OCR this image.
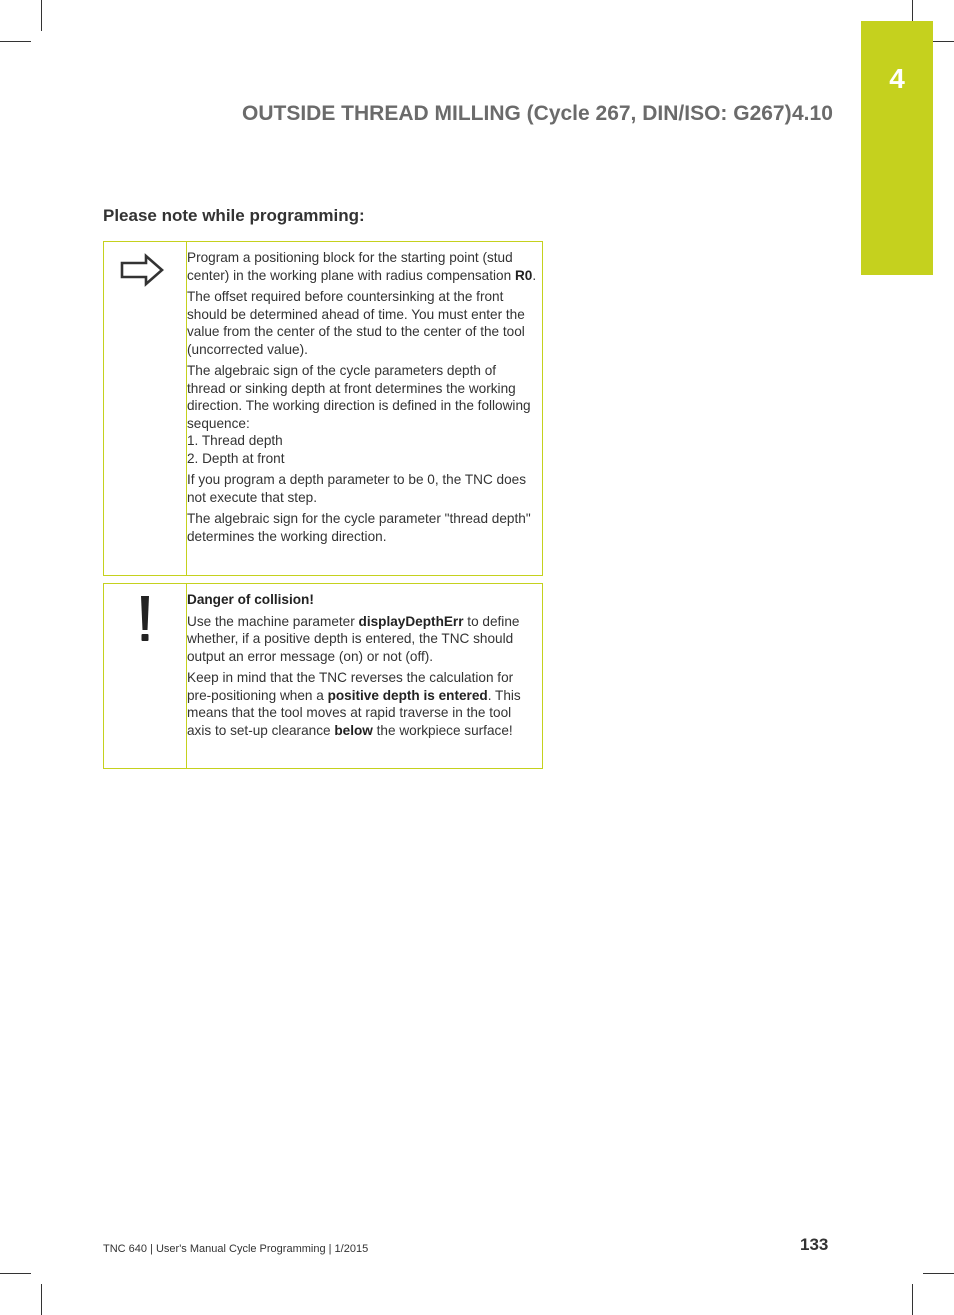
4
OUTSIDE THREAD MILLING (Cycle 267, DIN/ISO: G267) 4.10
Please note while programming:

Program a positioning block for the starting point (stud center) in the working plane with radius compensation R0.

The offset required before countersinking at the front should be determined ahead of time. You must enter the value from the center of the stud to the center of the tool (uncorrected value).

The algebraic sign of the cycle parameters depth of thread or sinking depth at front determines the working direction. The working direction is defined in the following sequence:
1. Thread depth
2. Depth at front

If you program a depth parameter to be 0, the TNC does not execute that step.

The algebraic sign for the cycle parameter "thread depth" determines the working direction.

Danger of collision!

Use the machine parameter displayDepthErr to define whether, if a positive depth is entered, the TNC should output an error message (on) or not (off).

Keep in mind that the TNC reverses the calculation for pre-positioning when a positive depth is entered. This means that the tool moves at rapid traverse in the tool axis to set-up clearance below the workpiece surface!

TNC 640 | User's Manual Cycle Programming | 1/2015	133
